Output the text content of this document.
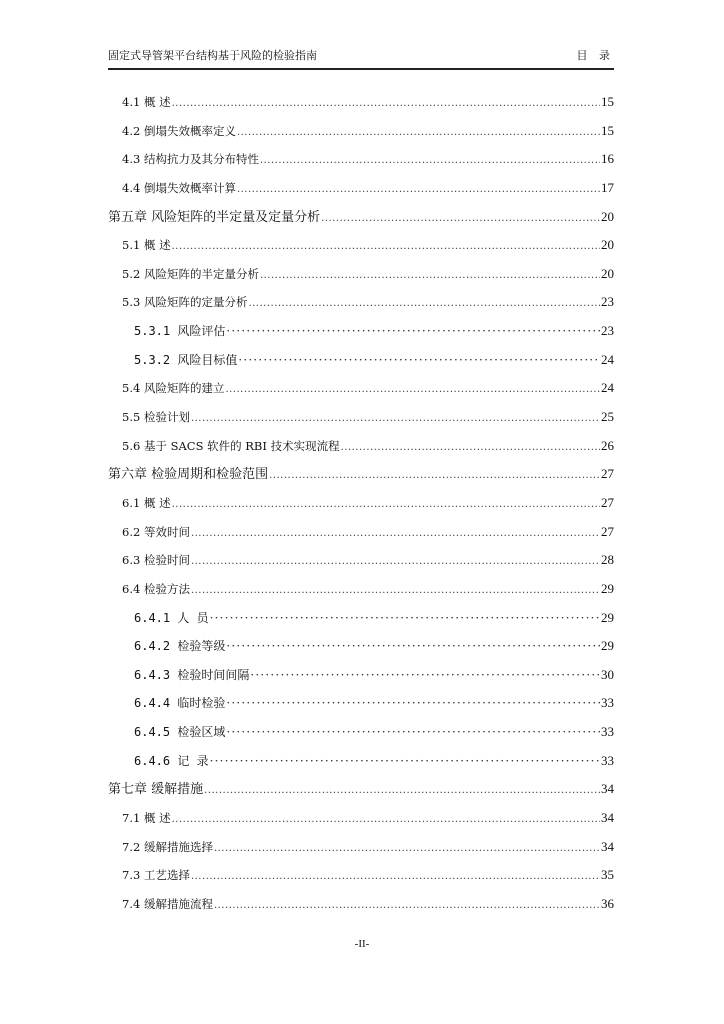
固定式导管架平台结构基于风险的检验指南	目 录
4.1 概 述 .....	15
4.2 倒塌失效概率定义 .....	15
4.3 结构抗力及其分布特性 .....	16
4.4 倒塌失效概率计算 .....	17
第五章 风险矩阵的半定量及定量分析 .....	20
5.1 概 述 .....	20
5.2 风险矩阵的半定量分析 .....	20
5.3 风险矩阵的定量分析 .....	23
5.3.1 风险评估 ·····	23
5.3.2 风险目标值 ·····	24
5.4 风险矩阵的建立 .....	24
5.5 检验计划 .....	25
5.6 基于 SACS 软件的 RBI 技术实现流程 .....	26
第六章 检验周期和检验范围 .....	27
6.1 概 述 .....	27
6.2 等效时间 .....	27
6.3 检验时间 .....	28
6.4 检验方法 .....	29
6.4.1 人 员 ·····	29
6.4.2 检验等级 ·····	29
6.4.3 检验时间间隔 ·····	30
6.4.4 临时检验 ·····	33
6.4.5 检验区域 ·····	33
6.4.6 记 录 ·····	33
第七章 缓解措施 .....	34
7.1 概 述 .....	34
7.2 缓解措施选择 .....	34
7.3 工艺选择 .....	35
7.4 缓解措施流程 .....	36
-II-
